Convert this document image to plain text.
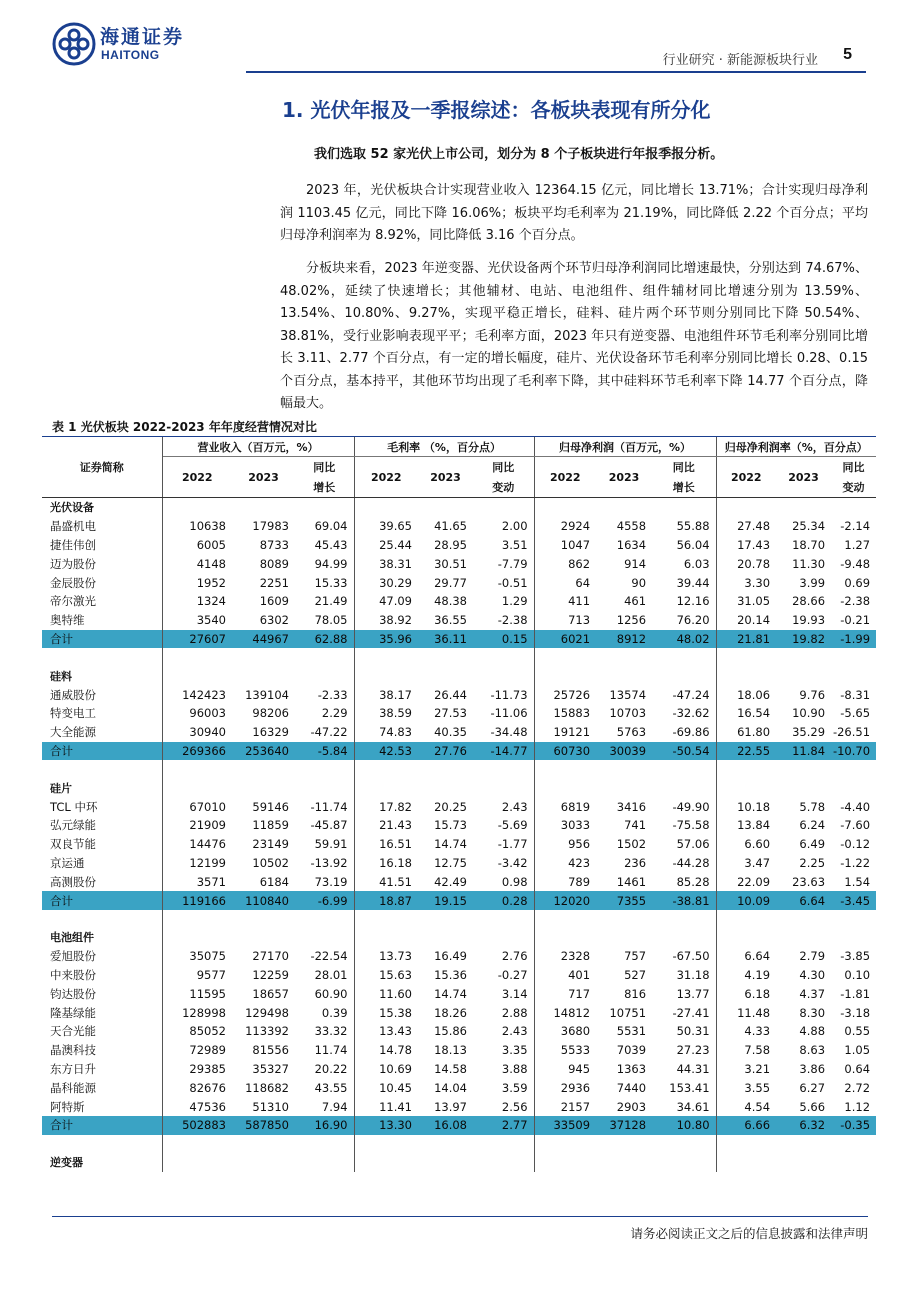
海通证券
HAITONG	行业研究 · 新能源板块行业 5
1. 光伏年报及一季报综述：各板块表现有所分化
我们选取 52 家光伏上市公司，划分为 8 个子板块进行年报季报分析。
2023 年，光伏板块合计实现营业收入 12364.15 亿元，同比增长 13.71%；合计实现归母净利润 1103.45 亿元，同比下降 16.06%；板块平均毛利率为 21.19%，同比降低 2.22 个百分点；平均归母净利润率为 8.92%，同比降低 3.16 个百分点。
分板块来看，2023 年逆变器、光伏设备两个环节归母净利润同比增速最快，分别达到 74.67%、48.02%，延续了快速增长；其他辅材、电站、电池组件、组件辅材同比增速分别为 13.59%、13.54%、10.80%、9.27%，实现平稳正增长，硅料、硅片两个环节则分别同比下降 50.54%、38.81%，受行业影响表现平平；毛利率方面，2023 年只有逆变器、电池组件环节毛利率分别同比增长 3.11、2.77 个百分点，有一定的增长幅度，硅片、光伏设备环节毛利率分别同比增长 0.28、0.15 个百分点，基本持平，其他环节均出现了毛利率下降，其中硅料环节毛利率下降 14.77 个百分点，降幅最大。
表 1 光伏板块 2022-2023 年年度经营情况对比
证券简称	营业收入（百万元，%）			毛利率 （%，百分点）			归母净利润（百万元，%）			归母净利润率（%，百分点）		
	2022	2023	同比	2022	2023	同比	2022	2023	同比	2022	2023	同比
			增长			变动			增长			变动
光伏设备												
晶盛机电	10638	17983	69.04	39.65	41.65	2.00	2924	4558	55.88	27.48	25.34	-2.14
捷佳伟创	6005	8733	45.43	25.44	28.95	3.51	1047	1634	56.04	17.43	18.70	1.27
迈为股份	4148	8089	94.99	38.31	30.51	-7.79	862	914	6.03	20.78	11.30	-9.48
金辰股份	1952	2251	15.33	30.29	29.77	-0.51	64	90	39.44	3.30	3.99	0.69
帝尔激光	1324	1609	21.49	47.09	48.38	1.29	411	461	12.16	31.05	28.66	-2.38
奥特维	3540	6302	78.05	38.92	36.55	-2.38	713	1256	76.20	20.14	19.93	-0.21
合计	27607	44967	62.88	35.96	36.11	0.15	6021	8912	48.02	21.81	19.82	-1.99

硅料												
通威股份	142423	139104	-2.33	38.17	26.44	-11.73	25726	13574	-47.24	18.06	9.76	-8.31
特变电工	96003	98206	2.29	38.59	27.53	-11.06	15883	10703	-32.62	16.54	10.90	-5.65
大全能源	30940	16329	-47.22	74.83	40.35	-34.48	19121	5763	-69.86	61.80	35.29	-26.51
合计	269366	253640	-5.84	42.53	27.76	-14.77	60730	30039	-50.54	22.55	11.84	-10.70

硅片												
TCL 中环	67010	59146	-11.74	17.82	20.25	2.43	6819	3416	-49.90	10.18	5.78	-4.40
弘元绿能	21909	11859	-45.87	21.43	15.73	-5.69	3033	741	-75.58	13.84	6.24	-7.60
双良节能	14476	23149	59.91	16.51	14.74	-1.77	956	1502	57.06	6.60	6.49	-0.12
京运通	12199	10502	-13.92	16.18	12.75	-3.42	423	236	-44.28	3.47	2.25	-1.22
高测股份	3571	6184	73.19	41.51	42.49	0.98	789	1461	85.28	22.09	23.63	1.54
合计	119166	110840	-6.99	18.87	19.15	0.28	12020	7355	-38.81	10.09	6.64	-3.45

电池组件												
爱旭股份	35075	27170	-22.54	13.73	16.49	2.76	2328	757	-67.50	6.64	2.79	-3.85
中来股份	9577	12259	28.01	15.63	15.36	-0.27	401	527	31.18	4.19	4.30	0.10
钧达股份	11595	18657	60.90	11.60	14.74	3.14	717	816	13.77	6.18	4.37	-1.81
隆基绿能	128998	129498	0.39	15.38	18.26	2.88	14812	10751	-27.41	11.48	8.30	-3.18
天合光能	85052	113392	33.32	13.43	15.86	2.43	3680	5531	50.31	4.33	4.88	0.55
晶澳科技	72989	81556	11.74	14.78	18.13	3.35	5533	7039	27.23	7.58	8.63	1.05
东方日升	29385	35327	20.22	10.69	14.58	3.88	945	1363	44.31	3.21	3.86	0.64
晶科能源	82676	118682	43.55	10.45	14.04	3.59	2936	7440	153.41	3.55	6.27	2.72
阿特斯	47536	51310	7.94	11.41	13.97	2.56	2157	2903	34.61	4.54	5.66	1.12
合计	502883	587850	16.90	13.30	16.08	2.77	33509	37128	10.80	6.66	6.32	-0.35

逆变器												
请务必阅读正文之后的信息披露和法律声明
